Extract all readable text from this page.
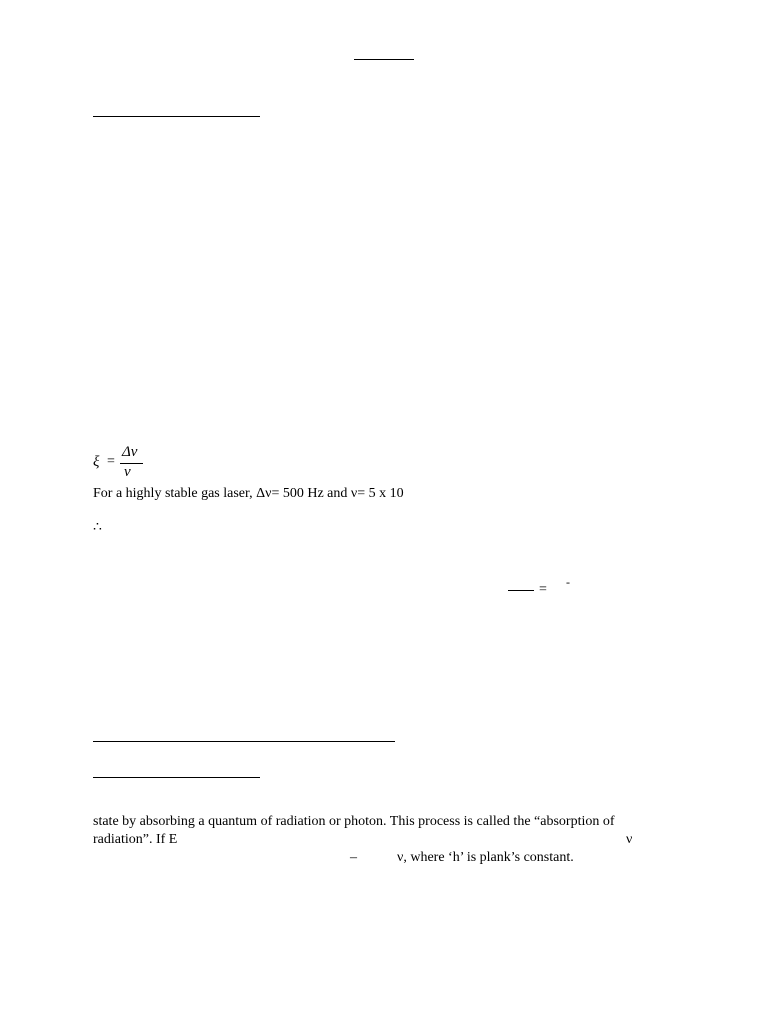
ξ =
Δν
ν
For a highly stable gas laser, Δν= 500 Hz and ν= 5 x 10
∴
= -
state by absorbing a quantum of radiation or photon. This process is called the “absorption of
radiation”. If E	ν
–	ν, where ‘h’ is plank’s constant.
